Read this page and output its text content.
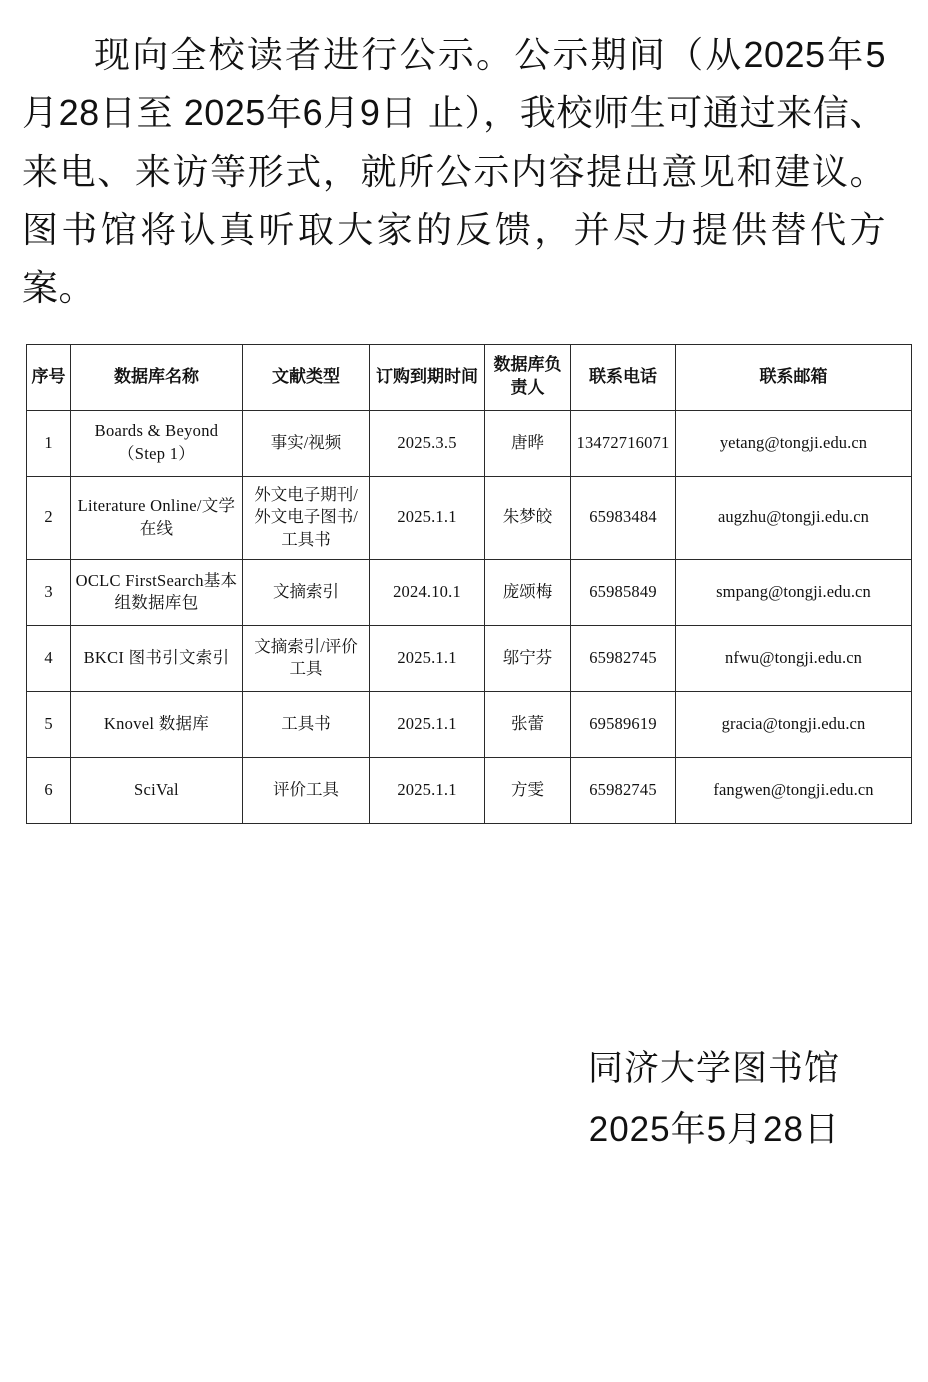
现向全校读者进行公示。公示期间（从2025年5月28日至 2025年6月9日 止），我校师生可通过来信、来电、来访等形式，就所公示内容提出意见和建议。图书馆将认真听取大家的反馈，并尽力提供替代方案。

序号	数据库名称	文献类型	订购到期时间	数据库负责人	联系电话	联系邮箱
1	Boards & Beyond（Step 1）	事实/视频	2025.3.5	唐晔	13472716071	yetang@tongji.edu.cn
2	Literature Online/文学在线	外文电子期刊/外文电子图书/工具书	2025.1.1	朱梦皎	65983484	augzhu@tongji.edu.cn
3	OCLC FirstSearch基本组数据库包	文摘索引	2024.10.1	庞颂梅	65985849	smpang@tongji.edu.cn
4	BKCI 图书引文索引	文摘索引/评价工具	2025.1.1	邬宁芬	65982745	nfwu@tongji.edu.cn
5	Knovel 数据库	工具书	2025.1.1	张蕾	69589619	gracia@tongji.edu.cn
6	SciVal	评价工具	2025.1.1	方雯	65982745	fangwen@tongji.edu.cn
同济大学图书馆
2025年5月28日
